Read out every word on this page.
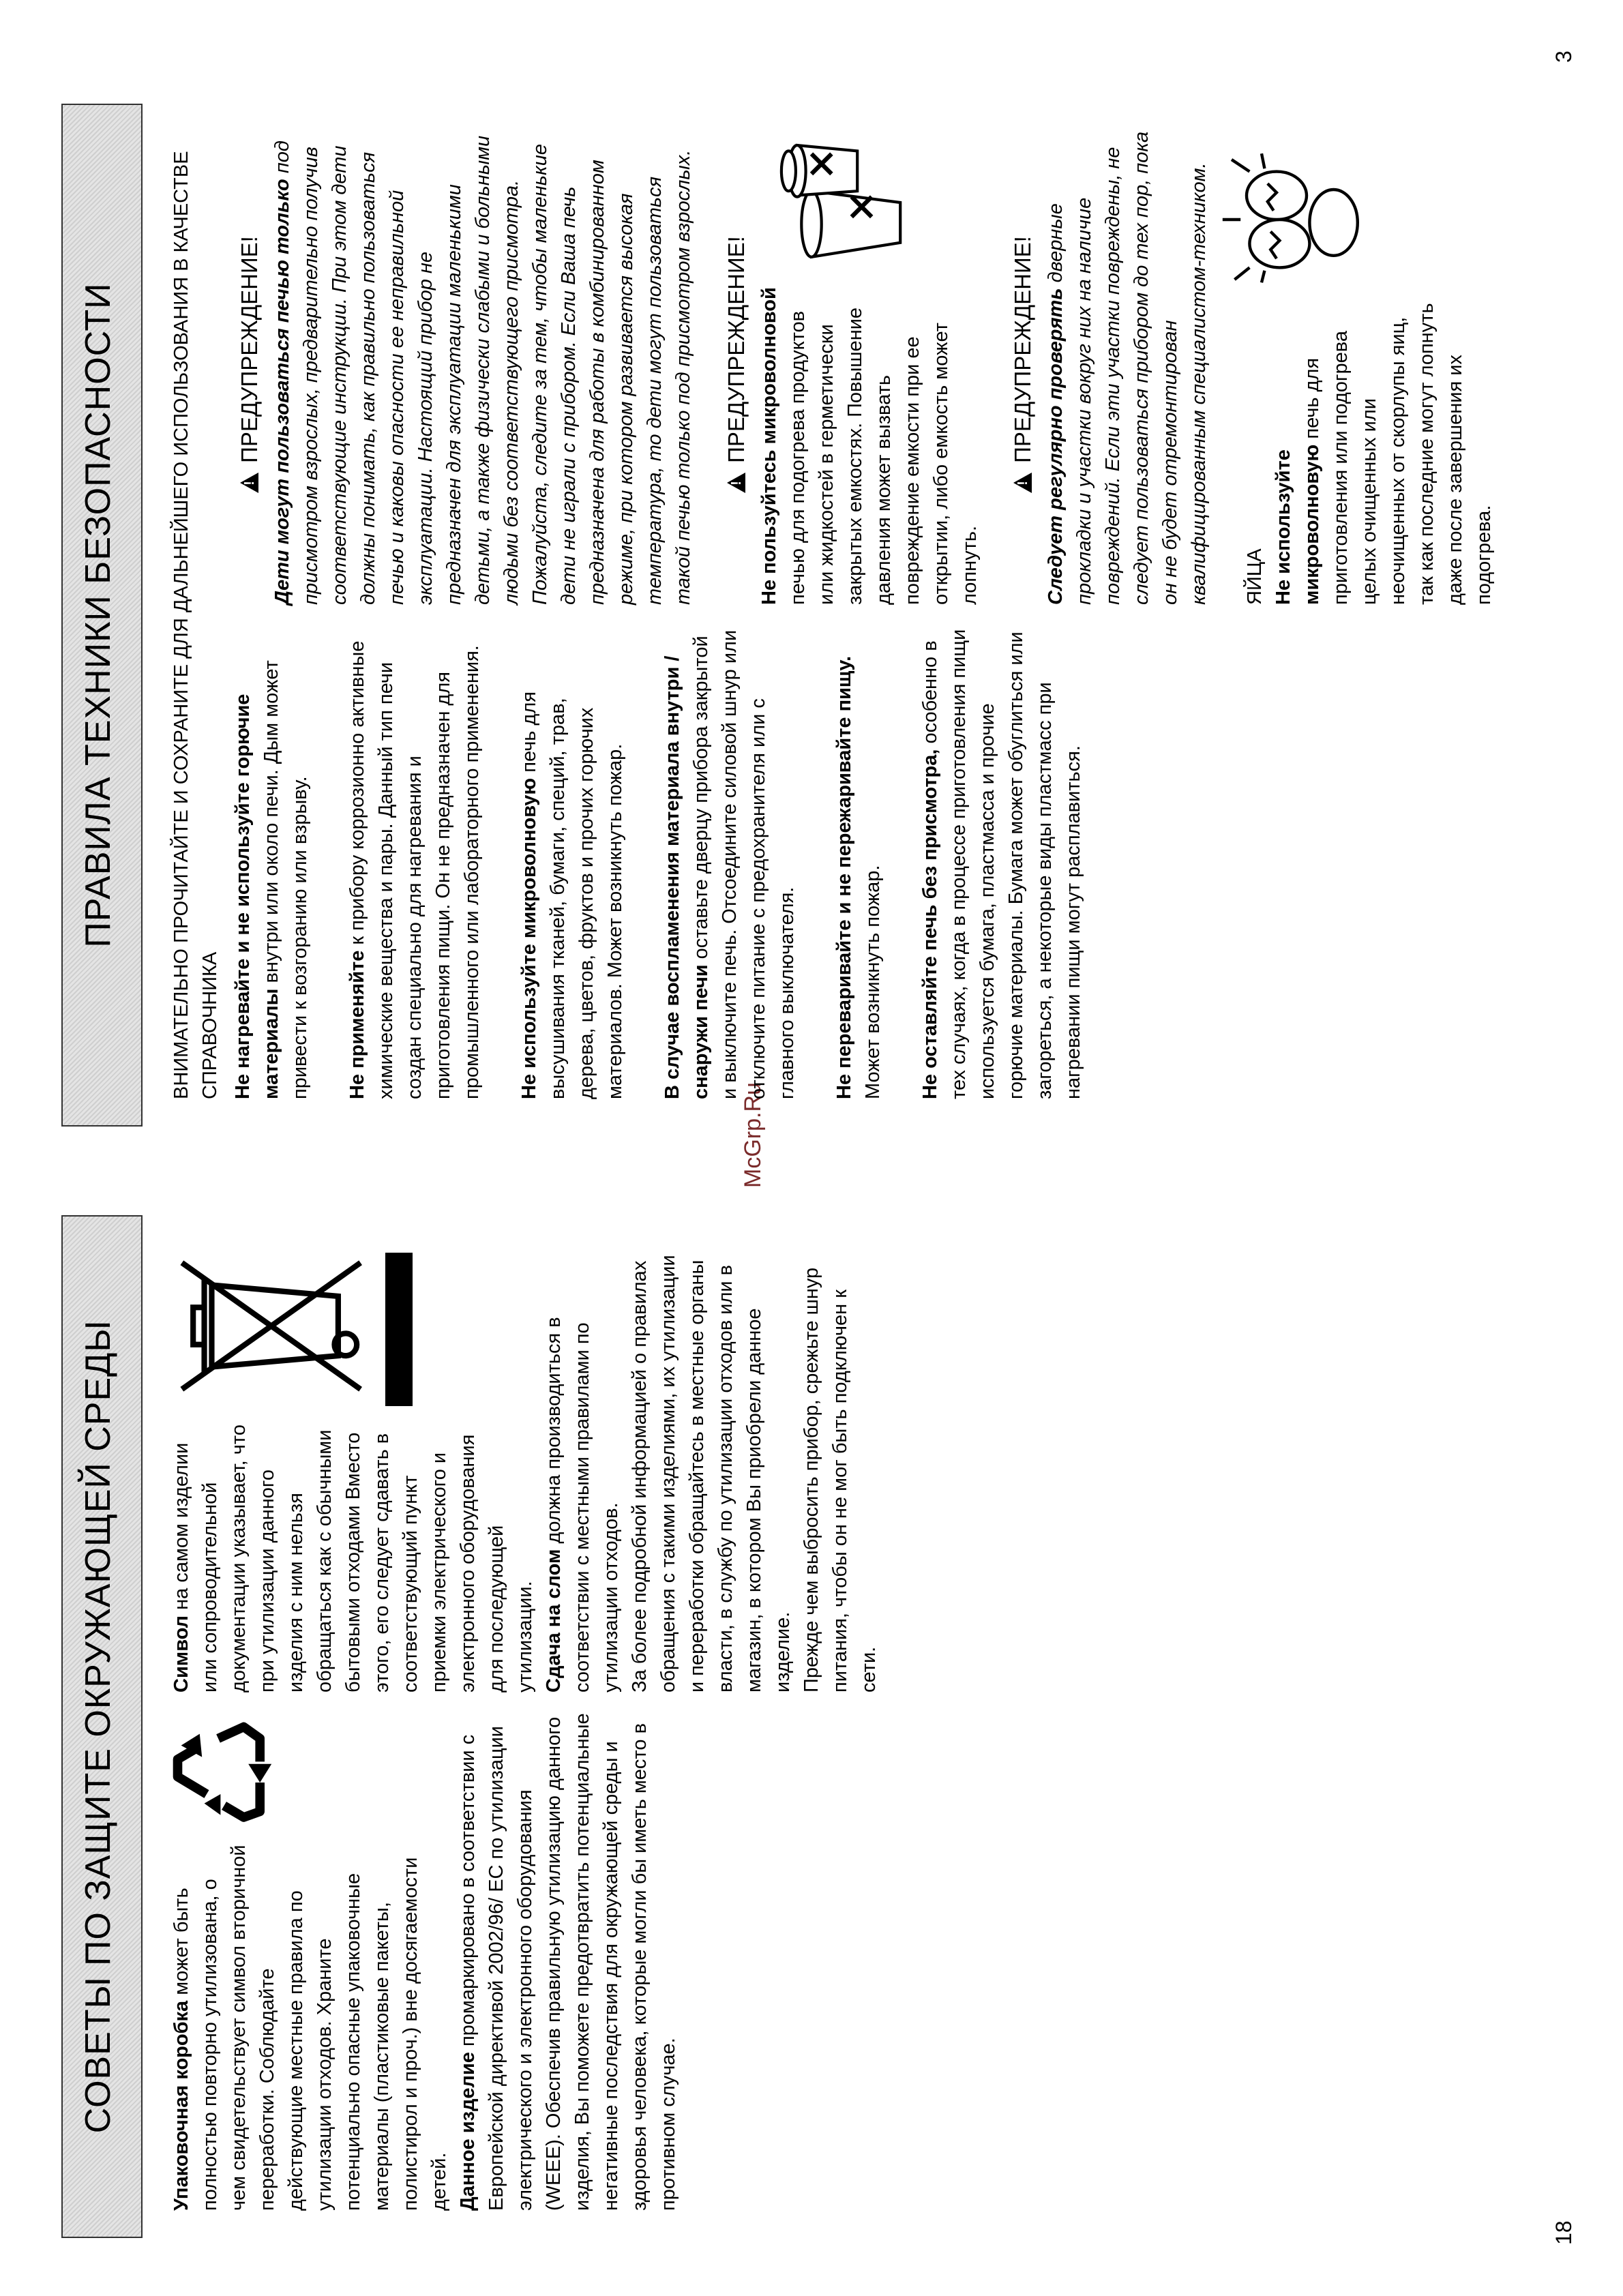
18
3
McGrp.Ru
СОВЕТЫ ПО ЗАЩИТЕ ОКРУЖАЮЩЕЙ СРЕДЫ	Упаковочная коробка может быть полностью повторно утилизована, о чем свидетельствует символ вторичной переработки. Соблюдайте действующие местные правила по утилизации отходов. Храните потенциально опасные упаковочные материалы (пластиковые пакеты, полистирол и проч.) вне досягаемости детей. Данное изделие промаркировано в соответствии с Европейской директивой 2002/96/ EC по утилизации электрического и электронного оборудования (WEEE). Обеспечив правильную утилизацию данного изделия, Вы поможете предотвратить потенциальные негативные последствия для окружающей среды и здоровья человека, которые могли бы иметь место в противном случае.

Символ на самом изделии или сопроводительной документации указывает, что при утилизации данного изделия с ним нельзя обращаться как с обычными бытовыми отходами Вместо этого, его следует сдавать в соответствующий пункт приемки электрического и электронного оборудования для последующей утилизации. Сдача на слом должна производиться в соответствии с местными правилами по утилизации отходов. За более подробной информацией о правилах обращения с такими изделиями, их утилизации и переработки обращайтесь в местные органы власти, в службу по утилизации отходов или в магазин, в котором Вы приобрели данное изделие. Прежде чем выбросить прибор, срежьте шнур питания, чтобы он не мог быть подключен к сети.

ПРАВИЛА ТЕХНИКИ БЕЗОПАСНОСТИ	ВНИМАТЕЛЬНО ПРОЧИТАЙТЕ И СОХРАНИТЕ ДЛЯ ДАЛЬНЕЙШЕГО ИСПОЛЬЗОВАНИЯ В КАЧЕСТВЕ СПРАВОЧНИКА Не нагревайте и не используйте горючие материалы внутри или около печи. Дым может привести к возгоранию или взрыву. Не применяйте к прибору коррозионно активные химические вещества и пары. Данный тип печи создан специально для нагревания и приготовления пищи. Он не предназначен для промышленного или лабораторного применения. Не используйте микроволновую печь для высушивания тканей, бумаги, специй, трав, дерева, цветов, фруктов и прочих горючих материалов. Может возникнуть пожар. В случае воспламенения материала внутри / снаружи печи оставьте дверцу прибора закрытой и выключите печь. Отсоедините силовой шнур или отключите питание с предохранителя или с главного выключателя. Не переваривайте и не пережаривайте пищу. Может возникнуть пожар. Не оставляйте печь без присмотра, особенно в тех случаях, когда в процессе приготовления пищи используется бумага, пластмасса и прочие горючие материалы. Бумага может обуглиться или загореться, а некоторые виды пластмасс при нагревании пищи могут расплавиться.

!ПРЕДУПРЕЖДЕНИЕ! Дети могут пользоваться печью только под присмотром взрослых, предварительно получив соответствующие инструкции. При этом дети должны понимать, как правильно пользоваться печью и каковы опасности ее неправильной эксплуатации. Настоящий прибор не предназначен для эксплуатации маленькими детьми, а также физически слабыми и больными людьми без соответствующего присмотра. Пожалуйста, следите за тем, чтобы маленькие дети не играли с прибором. Если Ваша печь предназначена для работы в комбинированном режиме, при котором развивается высокая температура, то дети могут пользоваться такой печью только под присмотром взрослых.

! ПРЕДУПРЕЖДЕНИЕ! Не пользуйтесь микроволновой печью для подогрева продуктов или жидкостей в герметически закрытых емкостях. Повышение давления может вызвать повреждение емкости при ее открытии, либо емкость может лопнуть.

!ПРЕДУПРЕЖДЕНИЕ! Следует регулярно проверять дверные прокладки и участки вокруг них на наличие повреждений. Если эти участки повреждены, не следует пользоваться прибором до тех пор, пока он не будет отремонтирован квалифицированным специалистом-техником. ЯЙЦА Не используйте микроволновую печь для приготовления или подогрева целых очищенных или неочищенных от скорлупы яиц, так как последние могут лопнуть даже после завершения их подогрева.
